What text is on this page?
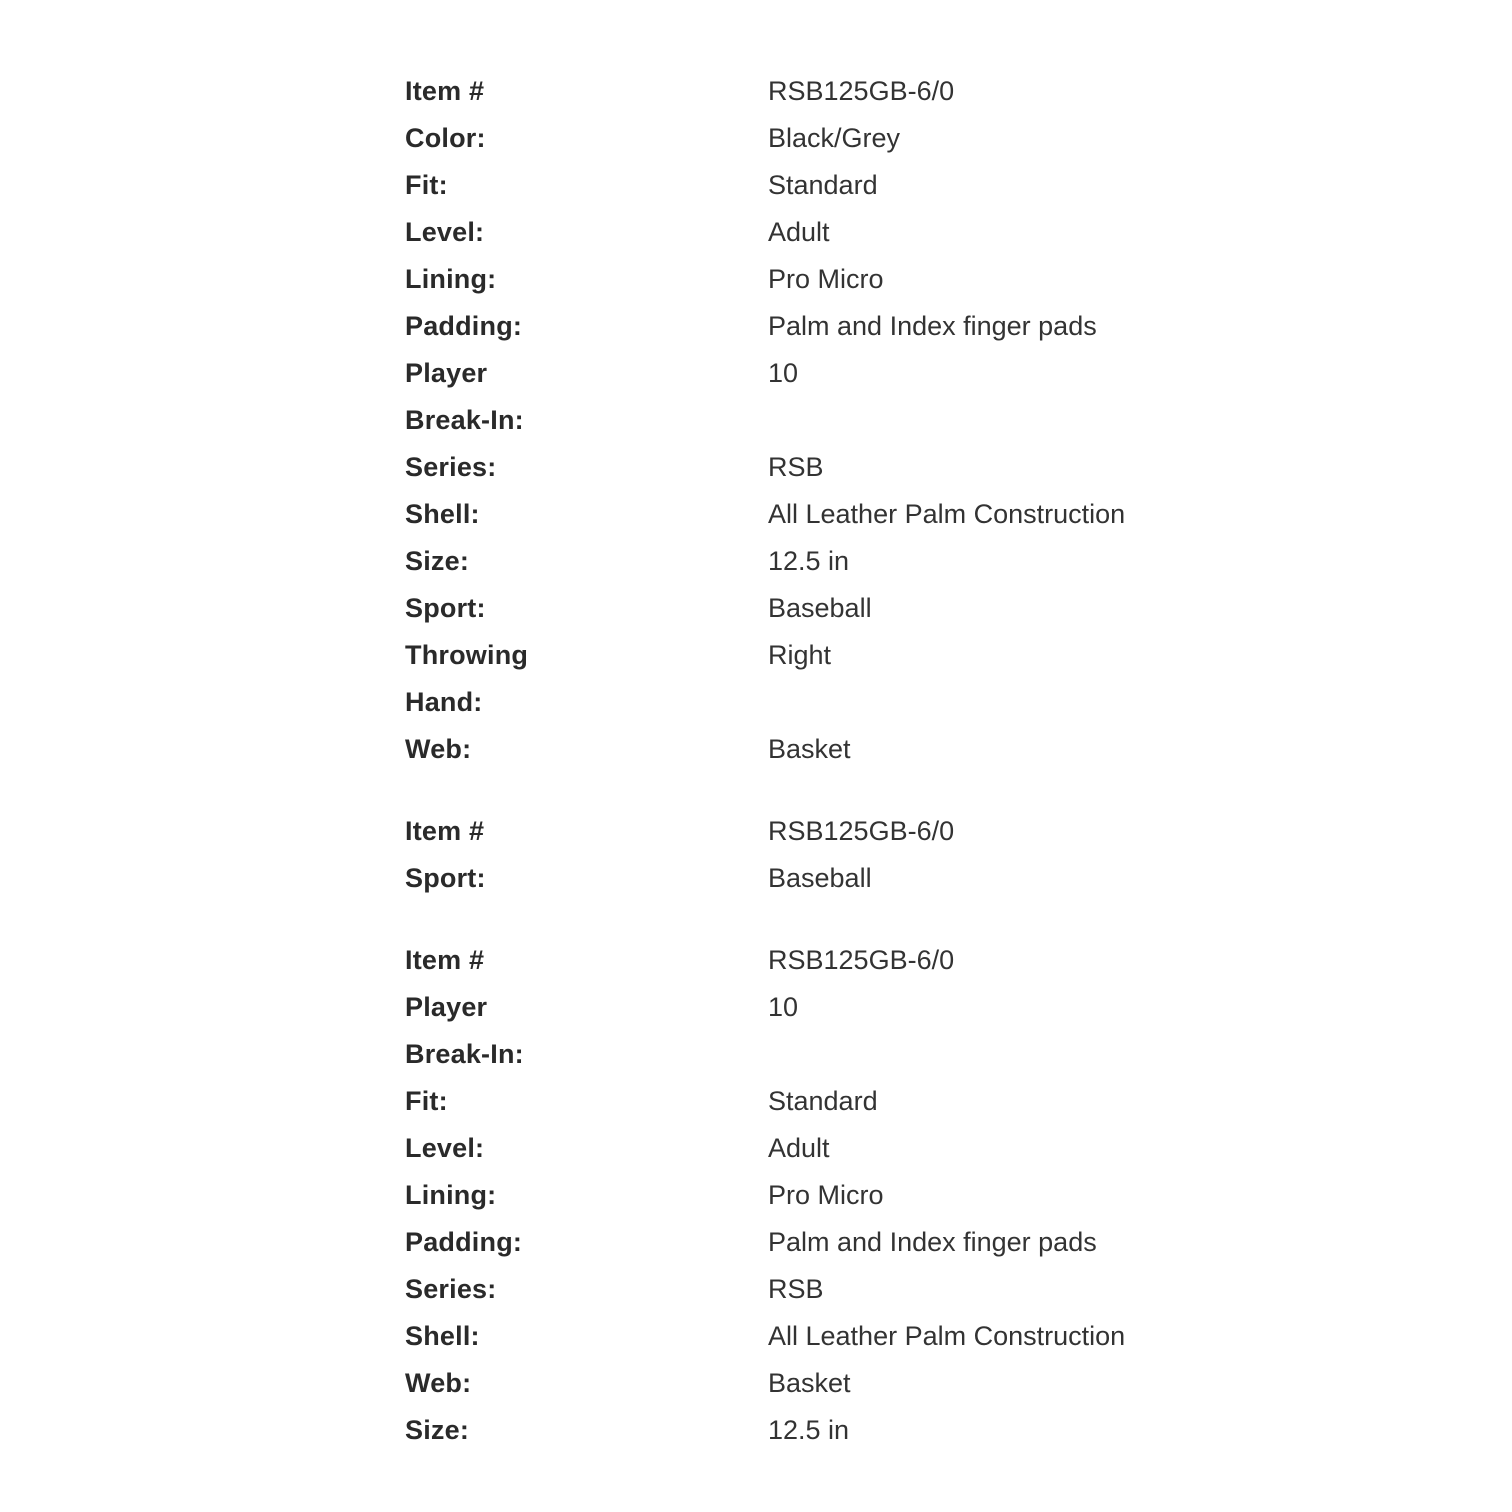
Item #	RSB125GB-6/0
Color:	Black/Grey
Fit:	Standard
Level:	Adult
Lining:	Pro Micro
Padding:	Palm and Index finger pads
Player	10
Break-In:	
Series:	RSB
Shell:	All Leather Palm Construction
Size:	12.5 in
Sport:	Baseball
Throwing	Right
Hand:	
Web:	Basket
Item #	RSB125GB-6/0
Sport:	Baseball
Item #	RSB125GB-6/0
Player	10
Break-In:	
Fit:	Standard
Level:	Adult
Lining:	Pro Micro
Padding:	Palm and Index finger pads
Series:	RSB
Shell:	All Leather Palm Construction
Web:	Basket
Size:	12.5 in
